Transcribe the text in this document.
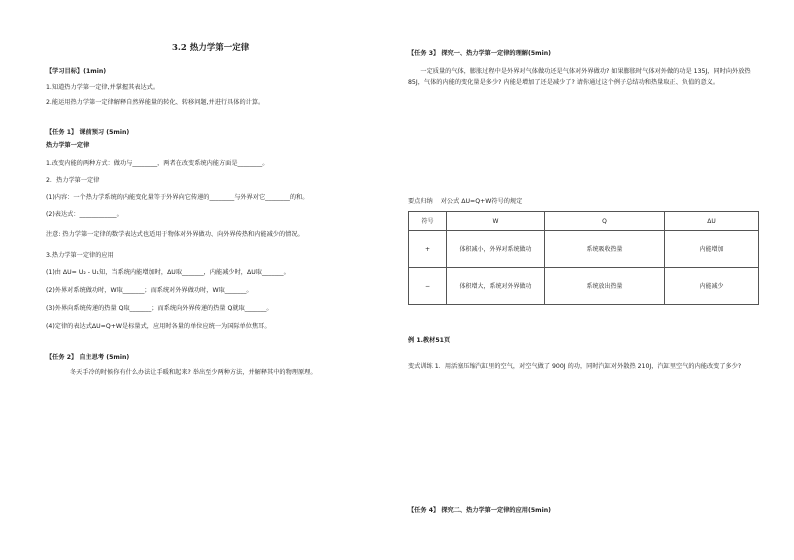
3.2 热力学第一定律
【学习目标】(1min)
1.知道热力学第一定律,并掌握其表达式。
2.能运用热力学第一定律解释自然界能量的转化、转移问题,并进行具体的计算。
【任务 1】 课前预习 (5min)
热力学第一定律
1.改变内能的两种方式：做功与________，两者在改变系统内能方面是________。
2．热力学第一定律
(1)内容：一个热力学系统的内能变化量等于外界向它传递的________与外界对它________的和。
(2)表达式：____________。
注意: 热力学第一定律的数学表达式也适用于物体对外界做功、向外界传热和内能减少的情况。
3.热力学第一定律的应用
(1)由 ΔU= U₂ - U₁知，当系统内能增加时，ΔU取_______，内能减少时，ΔU取_______。
(2)外界对系统做功时，W取_______；而系统对外界做功时，W取_______。
(3)外界向系统传递的热量 Q取_______；而系统向外界传递的热量 Q就取_______。
(4)定律的表达式ΔU=Q+W是标量式，应用时各量的单位应统一为国际单位焦耳。
【任务 2】 自主思考 (5min)
冬天手冷的时候你有什么办法让手暖和起来? 举出至少两种方法，并解释其中的物理原理。
【任务 3】 探究一、热力学第一定律的理解(5min)
一定质量的气体，膨胀过程中是外界对气体做功还是气体对外界做功? 如果膨胀时气体对外做的功是 135J，同时向外放热 85J，气体的内能的变化量是多少? 内能是增加了还是减少了? 请你通过这个例子总结功和热量取正、负值的意义。
要点归纳 对公式 ΔU=Q+W符号的规定
符号	W	Q	ΔU
+	体积减小，外界对系统做功	系统吸收热量	内能增加
−	体积增大，系统对外界做功	系统放出热量	内能减少
例 1.教材51页
变式训练 1．用活塞压缩汽缸里的空气，对空气做了 900J 的功，同时汽缸对外散热 210J，汽缸里空气的内能改变了多少?
【任务 4】 探究二、热力学第一定律的应用(5min)
